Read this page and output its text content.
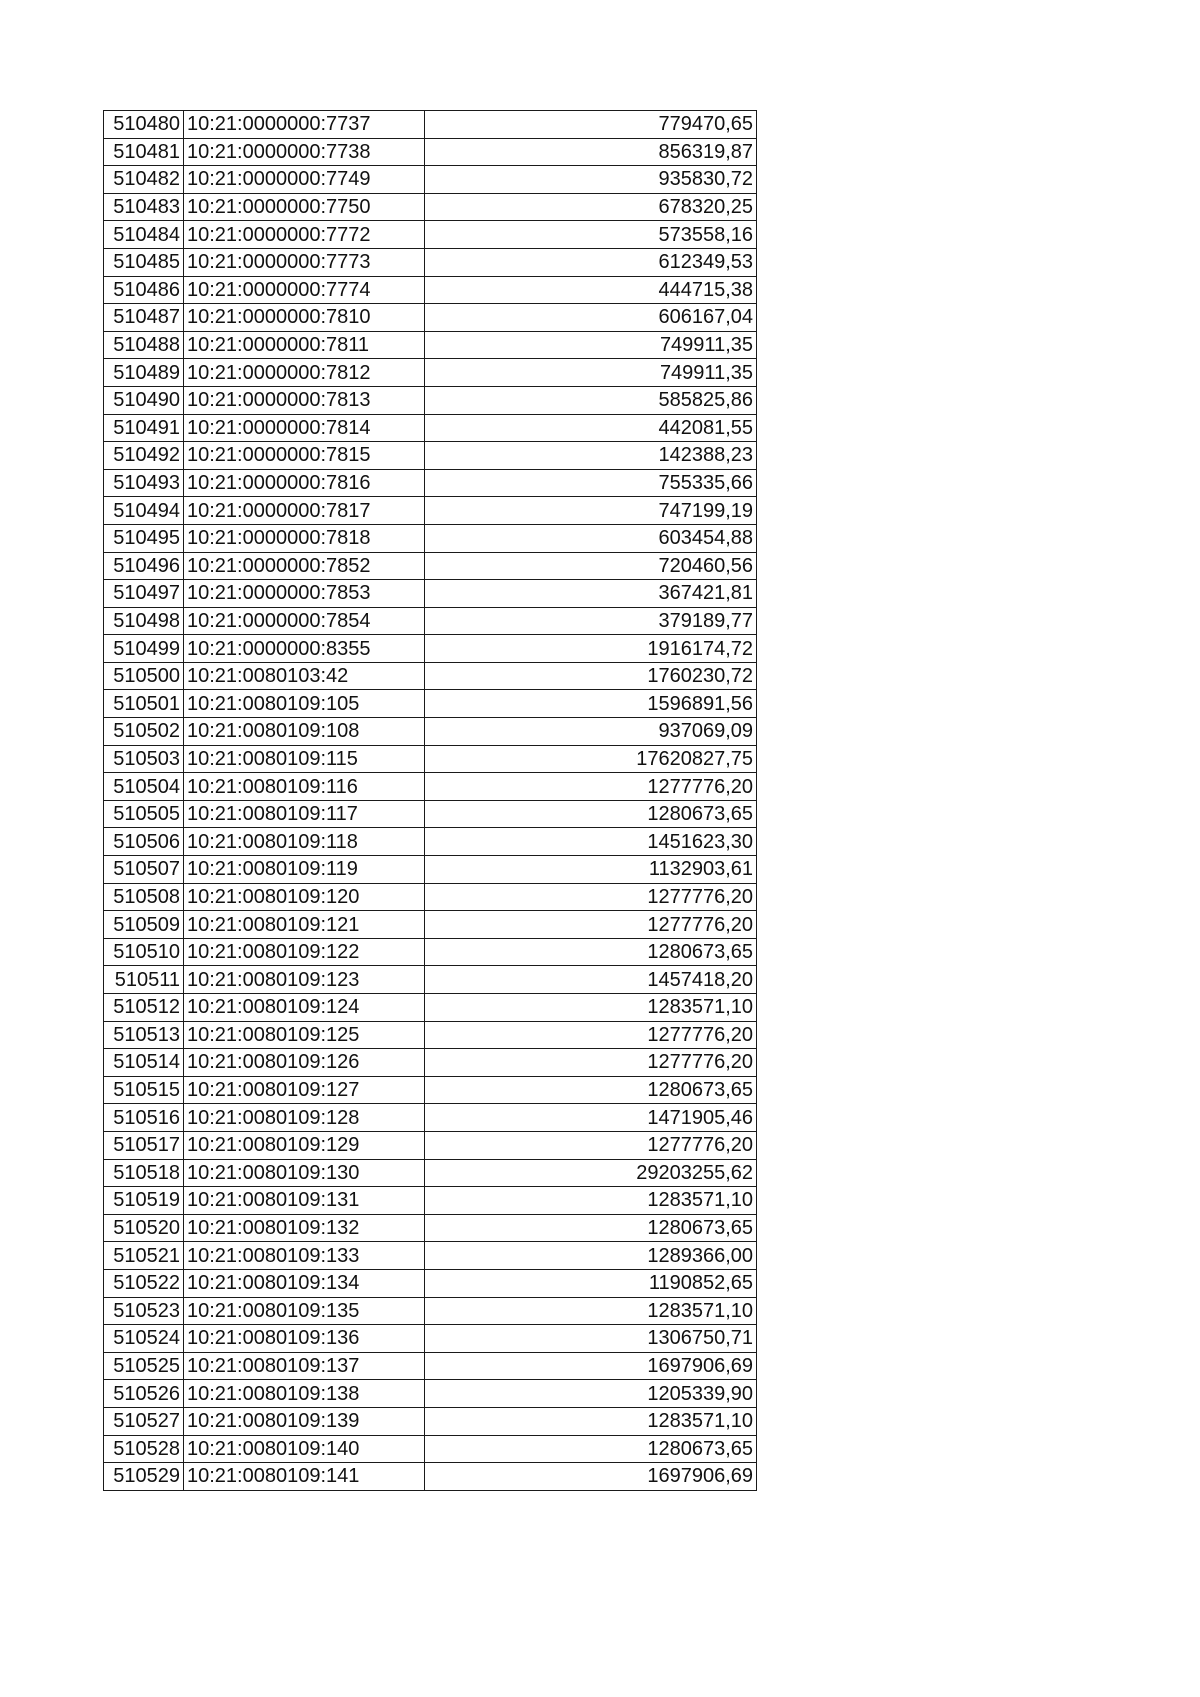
510480	10:21:0000000:7737	779470,65
510481	10:21:0000000:7738	856319,87
510482	10:21:0000000:7749	935830,72
510483	10:21:0000000:7750	678320,25
510484	10:21:0000000:7772	573558,16
510485	10:21:0000000:7773	612349,53
510486	10:21:0000000:7774	444715,38
510487	10:21:0000000:7810	606167,04
510488	10:21:0000000:7811	749911,35
510489	10:21:0000000:7812	749911,35
510490	10:21:0000000:7813	585825,86
510491	10:21:0000000:7814	442081,55
510492	10:21:0000000:7815	142388,23
510493	10:21:0000000:7816	755335,66
510494	10:21:0000000:7817	747199,19
510495	10:21:0000000:7818	603454,88
510496	10:21:0000000:7852	720460,56
510497	10:21:0000000:7853	367421,81
510498	10:21:0000000:7854	379189,77
510499	10:21:0000000:8355	1916174,72
510500	10:21:0080103:42	1760230,72
510501	10:21:0080109:105	1596891,56
510502	10:21:0080109:108	937069,09
510503	10:21:0080109:115	17620827,75
510504	10:21:0080109:116	1277776,20
510505	10:21:0080109:117	1280673,65
510506	10:21:0080109:118	1451623,30
510507	10:21:0080109:119	1132903,61
510508	10:21:0080109:120	1277776,20
510509	10:21:0080109:121	1277776,20
510510	10:21:0080109:122	1280673,65
510511	10:21:0080109:123	1457418,20
510512	10:21:0080109:124	1283571,10
510513	10:21:0080109:125	1277776,20
510514	10:21:0080109:126	1277776,20
510515	10:21:0080109:127	1280673,65
510516	10:21:0080109:128	1471905,46
510517	10:21:0080109:129	1277776,20
510518	10:21:0080109:130	29203255,62
510519	10:21:0080109:131	1283571,10
510520	10:21:0080109:132	1280673,65
510521	10:21:0080109:133	1289366,00
510522	10:21:0080109:134	1190852,65
510523	10:21:0080109:135	1283571,10
510524	10:21:0080109:136	1306750,71
510525	10:21:0080109:137	1697906,69
510526	10:21:0080109:138	1205339,90
510527	10:21:0080109:139	1283571,10
510528	10:21:0080109:140	1280673,65
510529	10:21:0080109:141	1697906,69
